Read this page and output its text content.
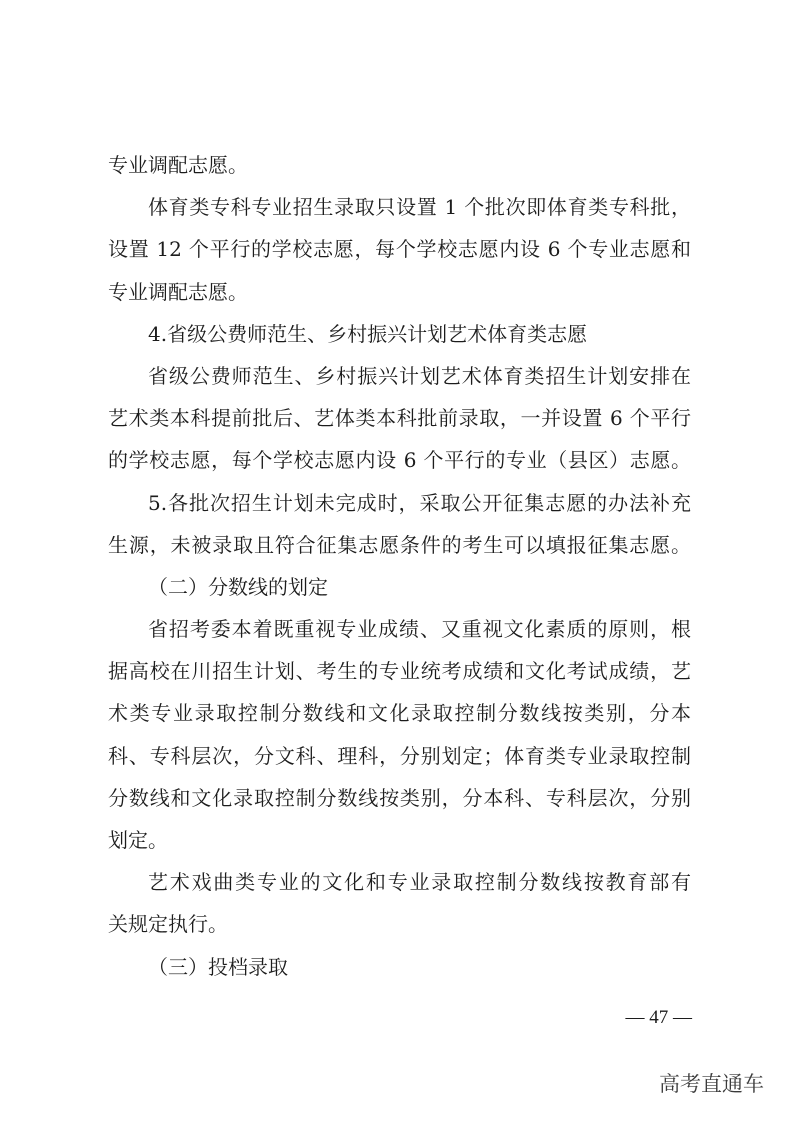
专业调配志愿。
体育类专科专业招生录取只设置 1 个批次即体育类专科批，
设置 12 个平行的学校志愿，每个学校志愿内设 6 个专业志愿和
专业调配志愿。
4.省级公费师范生、乡村振兴计划艺术体育类志愿
省级公费师范生、乡村振兴计划艺术体育类招生计划安排在
艺术类本科提前批后、艺体类本科批前录取，一并设置 6 个平行
的学校志愿，每个学校志愿内设 6 个平行的专业（县区）志愿。
5.各批次招生计划未完成时，采取公开征集志愿的办法补充
生源，未被录取且符合征集志愿条件的考生可以填报征集志愿。
（二）分数线的划定
省招考委本着既重视专业成绩、又重视文化素质的原则，根
据高校在川招生计划、考生的专业统考成绩和文化考试成绩，艺
术类专业录取控制分数线和文化录取控制分数线按类别，分本
科、专科层次，分文科、理科，分别划定；体育类专业录取控制
分数线和文化录取控制分数线按类别，分本科、专科层次，分别
划定。
艺术戏曲类专业的文化和专业录取控制分数线按教育部有
关规定执行。
（三）投档录取
— 47 —
高考直通车
